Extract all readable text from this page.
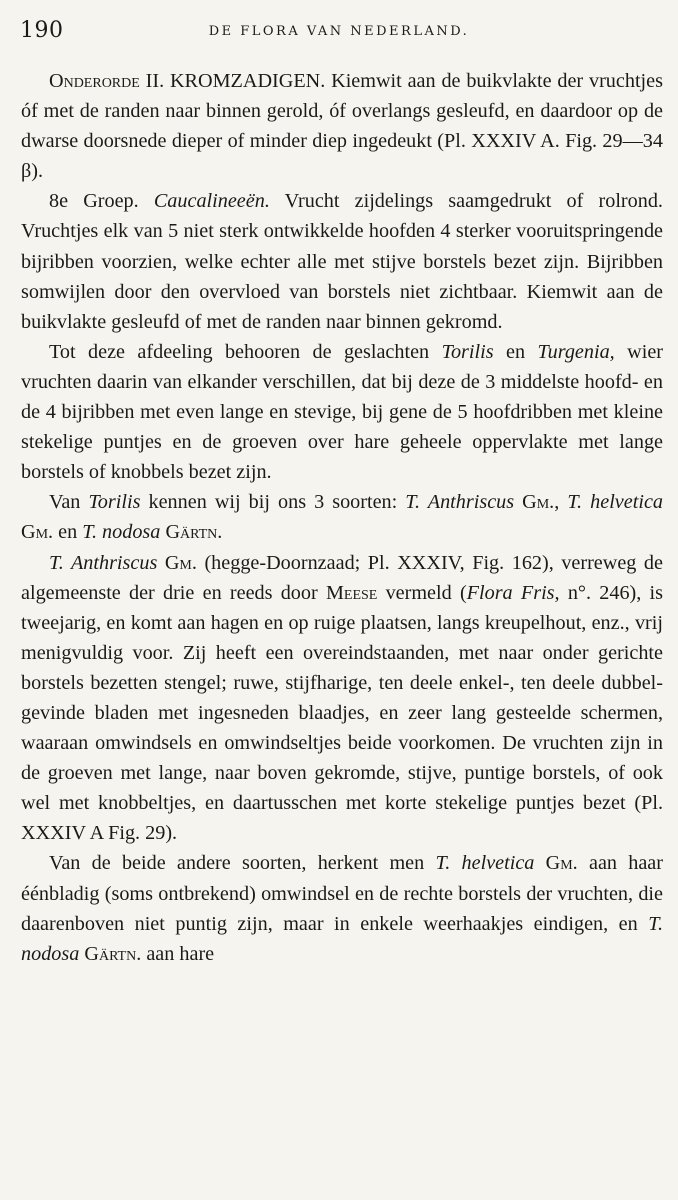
190	DE FLORA VAN NEDERLAND.

Onderorde II. KROMZADIGEN. Kiemwit aan de buikvlakte der vruchtjes óf met de randen naar binnen gerold, óf overlangs gesleufd, en daardoor op de dwarse doorsnede dieper of minder diep ingedeukt (Pl. XXXIV A. Fig. 29—34 β).

8e Groep. Caucalineeën. Vrucht zijdelings saamgedrukt of rolrond. Vruchtjes elk van 5 niet sterk ontwikkelde hoofden 4 sterker vooruitspringende bijribben voorzien, welke echter alle met stijve borstels bezet zijn. Bijribben somwijlen door den overvloed van borstels niet zichtbaar. Kiemwit aan de buikvlakte gesleufd of met de randen naar binnen gekromd.

Tot deze afdeeling behooren de geslachten Torilis en Turgenia, wier vruchten daarin van elkander verschillen, dat bij deze de 3 middelste hoofd- en de 4 bijribben met even lange en stevige, bij gene de 5 hoofdribben met kleine stekelige puntjes en de groeven over hare geheele oppervlakte met lange borstels of knobbels bezet zijn.

Van Torilis kennen wij bij ons 3 soorten: T. Anthriscus Gm., T. helvetica Gm. en T. nodosa Gärtn.

T. Anthriscus Gm. (hegge-Doornzaad; Pl. XXXIV, Fig. 162), verreweg de algemeenste der drie en reeds door Meese vermeld (Flora Fris, n°. 246), is tweejarig, en komt aan hagen en op ruige plaatsen, langs kreupelhout, enz., vrij menigvuldig voor. Zij heeft een overeindstaanden, met naar onder gerichte borstels bezetten stengel; ruwe, stijfharige, ten deele enkel-, ten deele dubbel-gevinde bladen met ingesneden blaadjes, en zeer lang gesteelde schermen, waaraan omwindsels en omwindseltjes beide voorkomen. De vruchten zijn in de groeven met lange, naar boven gekromde, stijve, puntige borstels, of ook wel met knobbeltjes, en daartusschen met korte stekelige puntjes bezet (Pl. XXXIV A Fig. 29).

Van de beide andere soorten, herkent men T. helvetica Gm. aan haar éénbladig (soms ontbrekend) omwindsel en de rechte borstels der vruchten, die daarenboven niet puntig zijn, maar in enkele weerhaakjes eindigen, en T. nodosa Gärtn. aan hare
